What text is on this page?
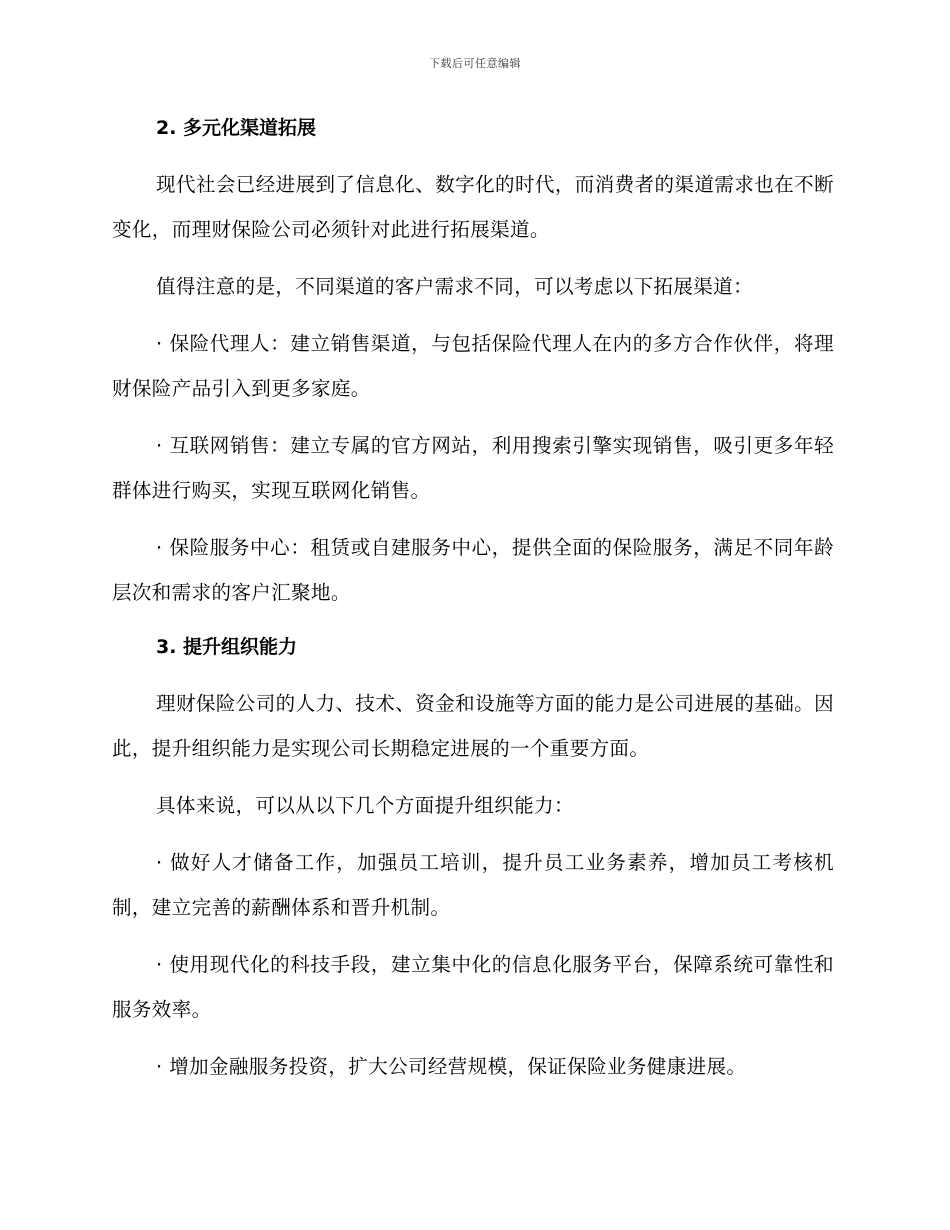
下载后可任意编辑
2. 多元化渠道拓展

现代社会已经进展到了信息化、数字化的时代，而消费者的渠道需求也在不断变化，而理财保险公司必须针对此进行拓展渠道。

值得注意的是，不同渠道的客户需求不同，可以考虑以下拓展渠道：

· 保险代理人：建立销售渠道，与包括保险代理人在内的多方合作伙伴，将理财保险产品引入到更多家庭。

· 互联网销售：建立专属的官方网站，利用搜索引擎实现销售，吸引更多年轻群体进行购买，实现互联网化销售。

· 保险服务中心：租赁或自建服务中心，提供全面的保险服务，满足不同年龄层次和需求的客户汇聚地。

3. 提升组织能力

理财保险公司的人力、技术、资金和设施等方面的能力是公司进展的基础。因此，提升组织能力是实现公司长期稳定进展的一个重要方面。

具体来说，可以从以下几个方面提升组织能力：

· 做好人才储备工作，加强员工培训，提升员工业务素养，增加员工考核机制，建立完善的薪酬体系和晋升机制。

· 使用现代化的科技手段，建立集中化的信息化服务平台，保障系统可靠性和服务效率。

· 增加金融服务投资，扩大公司经营规模，保证保险业务健康进展。
